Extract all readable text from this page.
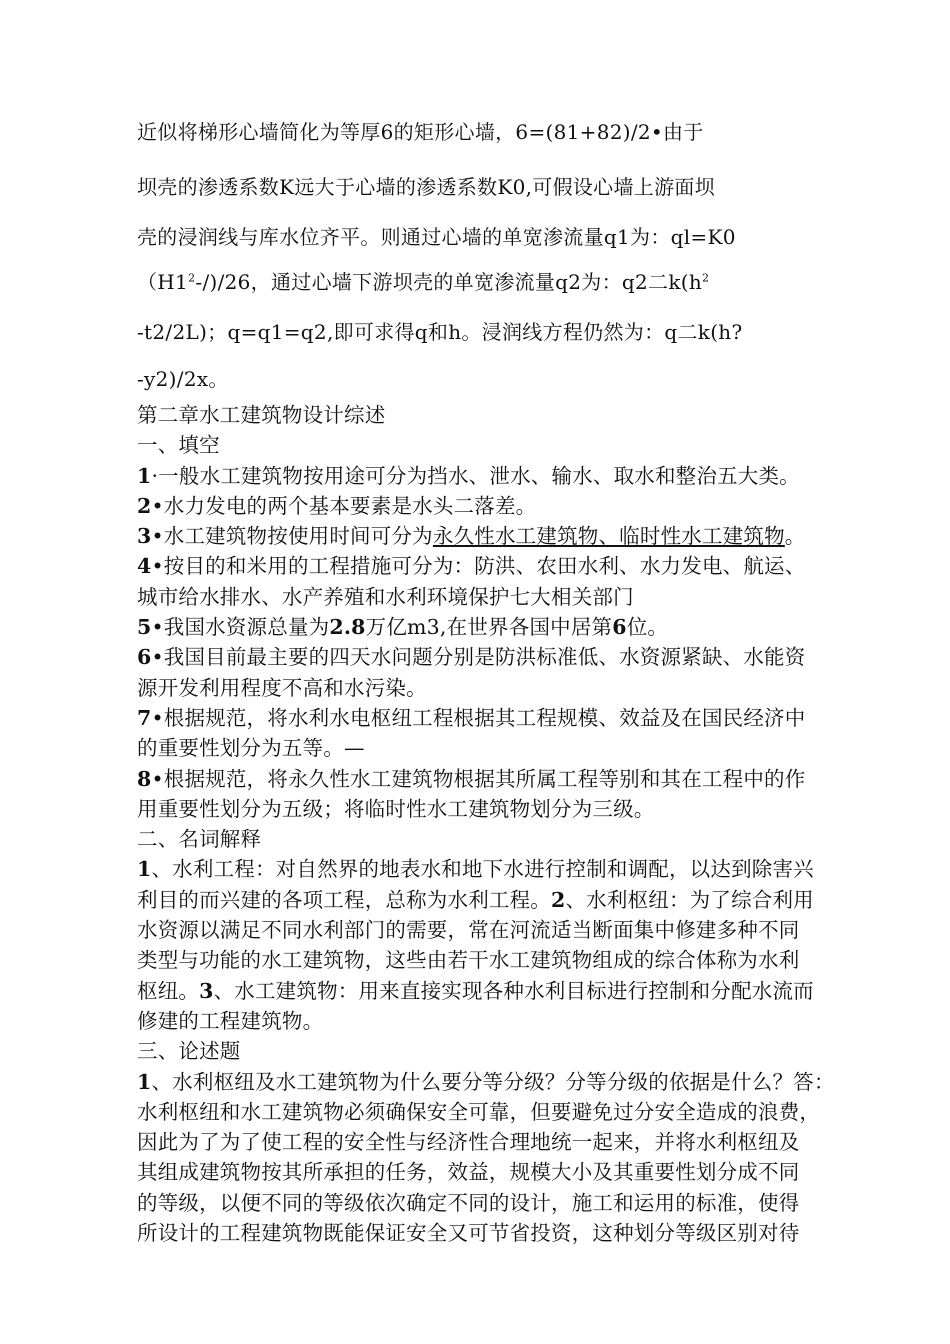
近似将梯形心墙简化为等厚6的矩形心墙，6=(81+82)/2•由于
坝壳的渗透系数K远大于心墙的渗透系数K0,可假设心墙上游面坝
壳的浸润线与库水位齐平。则通过心墙的单宽渗流量q1为：ql=K0
$(H1^2-/)/26$，通过心墙下游坝壳的单宽渗流量q2为：q2二$k(h^2$
-t2/2L)；q=q1=q2,即可求得q和h。浸润线方程仍然为：q二k(h?
-y2)/2x。
第二章水工建筑物设计综述
一、填空
1·一般水工建筑物按用途可分为挡水、泄水、输水、取水和整治五大类。
2•水力发电的两个基本要素是水头二落差。
3•水工建筑物按使用时间可分为永久性水工建筑物、临时性水工建筑物。
4•按目的和米用的工程措施可分为：防洪、农田水利、水力发电、航运、
城市给水排水、水产养殖和水利环境保护七大相关部门
5•我国水资源总量为2.8万亿m3,在世界各国中居第6位。
6•我国目前最主要的四天水问题分别是防洪标准低、水资源紧缺、水能资
源开发利用程度不高和水污染。
7•根据规范，将水利水电枢纽工程根据其工程规模、效益及在国民经济中
的重要性划分为五等。—
8•根据规范，将永久性水工建筑物根据其所属工程等别和其在工程中的作
用重要性划分为五级；将临时性水工建筑物划分为三级。
二、名词解释
1、水利工程：对自然界的地表水和地下水进行控制和调配，以达到除害兴
利目的而兴建的各项工程，总称为水利工程。2、水利枢纽：为了综合利用
水资源以满足不同水利部门的需要，常在河流适当断面集中修建多种不同
类型与功能的水工建筑物，这些由若干水工建筑物组成的综合体称为水利
枢纽。3、水工建筑物：用来直接实现各种水利目标进行控制和分配水流而
修建的工程建筑物。
三、论述题
1、水利枢纽及水工建筑物为什么要分等分级？分等分级的依据是什么？答：
水利枢纽和水工建筑物必须确保安全可靠，但要避免过分安全造成的浪费，
因此为了为了使工程的安全性与经济性合理地统一起来，并将水利枢纽及
其组成建筑物按其所承担的任务，效益，规模大小及其重要性划分成不同
的等级，以便不同的等级依次确定不同的设计，施工和运用的标准，使得
所设计的工程建筑物既能保证安全又可节省投资，这种划分等级区别对待
